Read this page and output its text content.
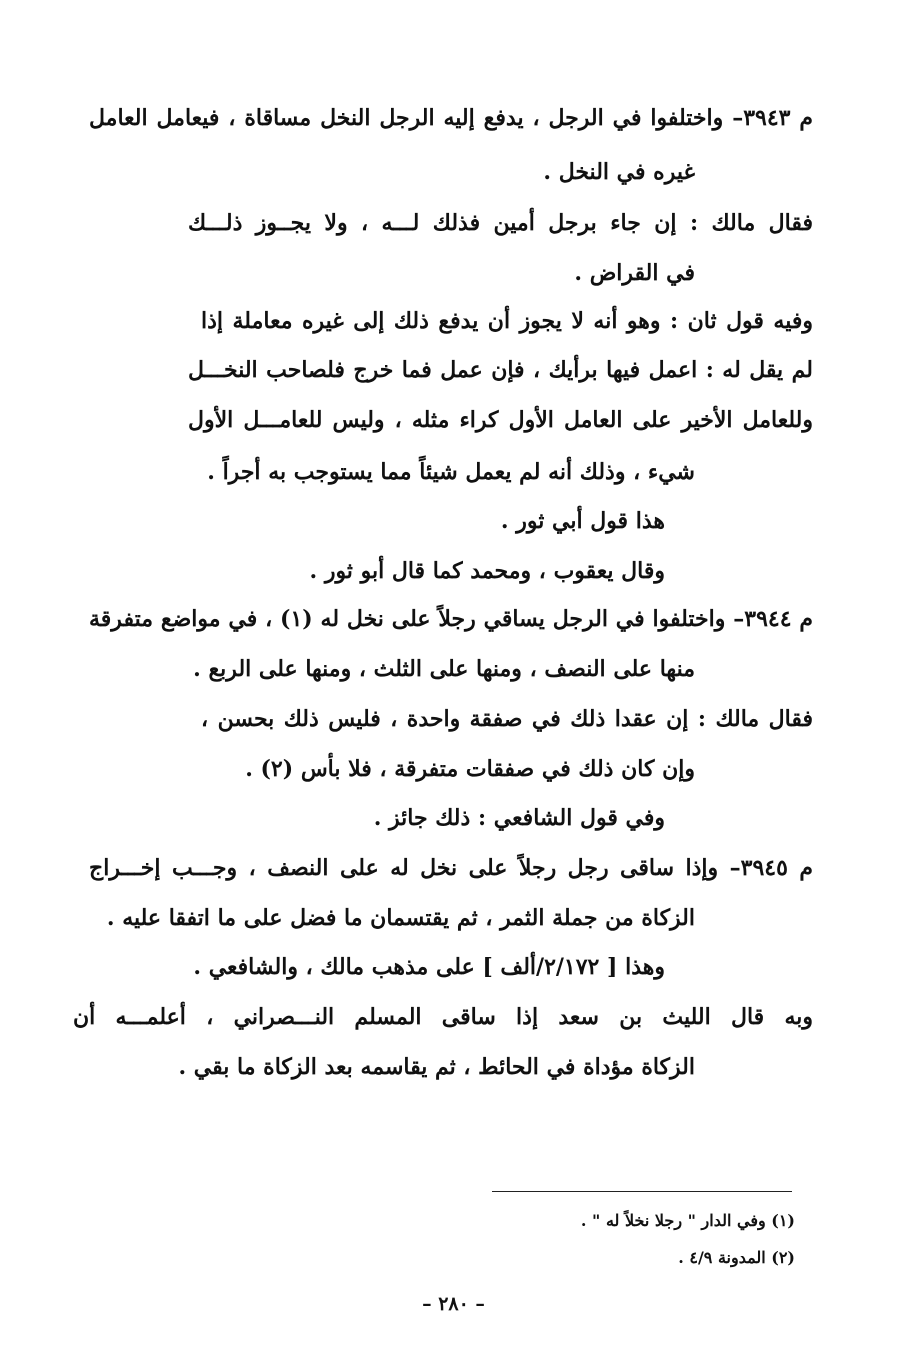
م ٣٩٤٣– واختلفوا في الرجل ، يدفع إليه الرجل النخل مساقاة ، فيعامل العامل
غيره في النخل .
فقال مالك : إن جاء برجل أمين فذلك لـــه ، ولا يجــوز ذلـــك
في القراض .
وفيه قول ثان : وهو أنه لا يجوز أن يدفع ذلك إلى غيره معاملة إذا
لم يقل له : اعمل فيها برأيك ، فإن عمل فما خرج فلصاحب النخـــل
وللعامل الأخير على العامل الأول كراء مثله ، وليس للعامـــل الأول
شيء ، وذلك أنه لم يعمل شيئاً مما يستوجب به أجراً .
هذا قول أبي ثور .
وقال يعقوب ، ومحمد كما قال أبو ثور .
م ٣٩٤٤– واختلفوا في الرجل يساقي رجلاً على نخل له (١) ، في مواضع متفرقة
منها على النصف ، ومنها على الثلث ، ومنها على الربع .
فقال مالك : إن عقدا ذلك في صفقة واحدة ، فليس ذلك بحسن ،
وإن كان ذلك في صفقات متفرقة ، فلا بأس (٢) .
وفي قول الشافعي : ذلك جائز .
م ٣٩٤٥– وإذا ساقى رجل رجلاً على نخل له على النصف ، وجـــب إخـــراج
الزكاة من جملة الثمر ، ثم يقتسمان ما فضل على ما اتفقا عليه .
وهذا [ ٢/١٧٢/ألف ] على مذهب مالك ، والشافعي .
وبه قال الليث بن سعد إذا ساقى المسلم النـــصراني ، أعلمـــه أن
الزكاة مؤداة في الحائط ، ثم يقاسمه بعد الزكاة ما بقي .
(١) وفي الدار " رجلا نخلاً له " .
(٢) المدونة ٤/٩ .
– ٢٨٠ –
